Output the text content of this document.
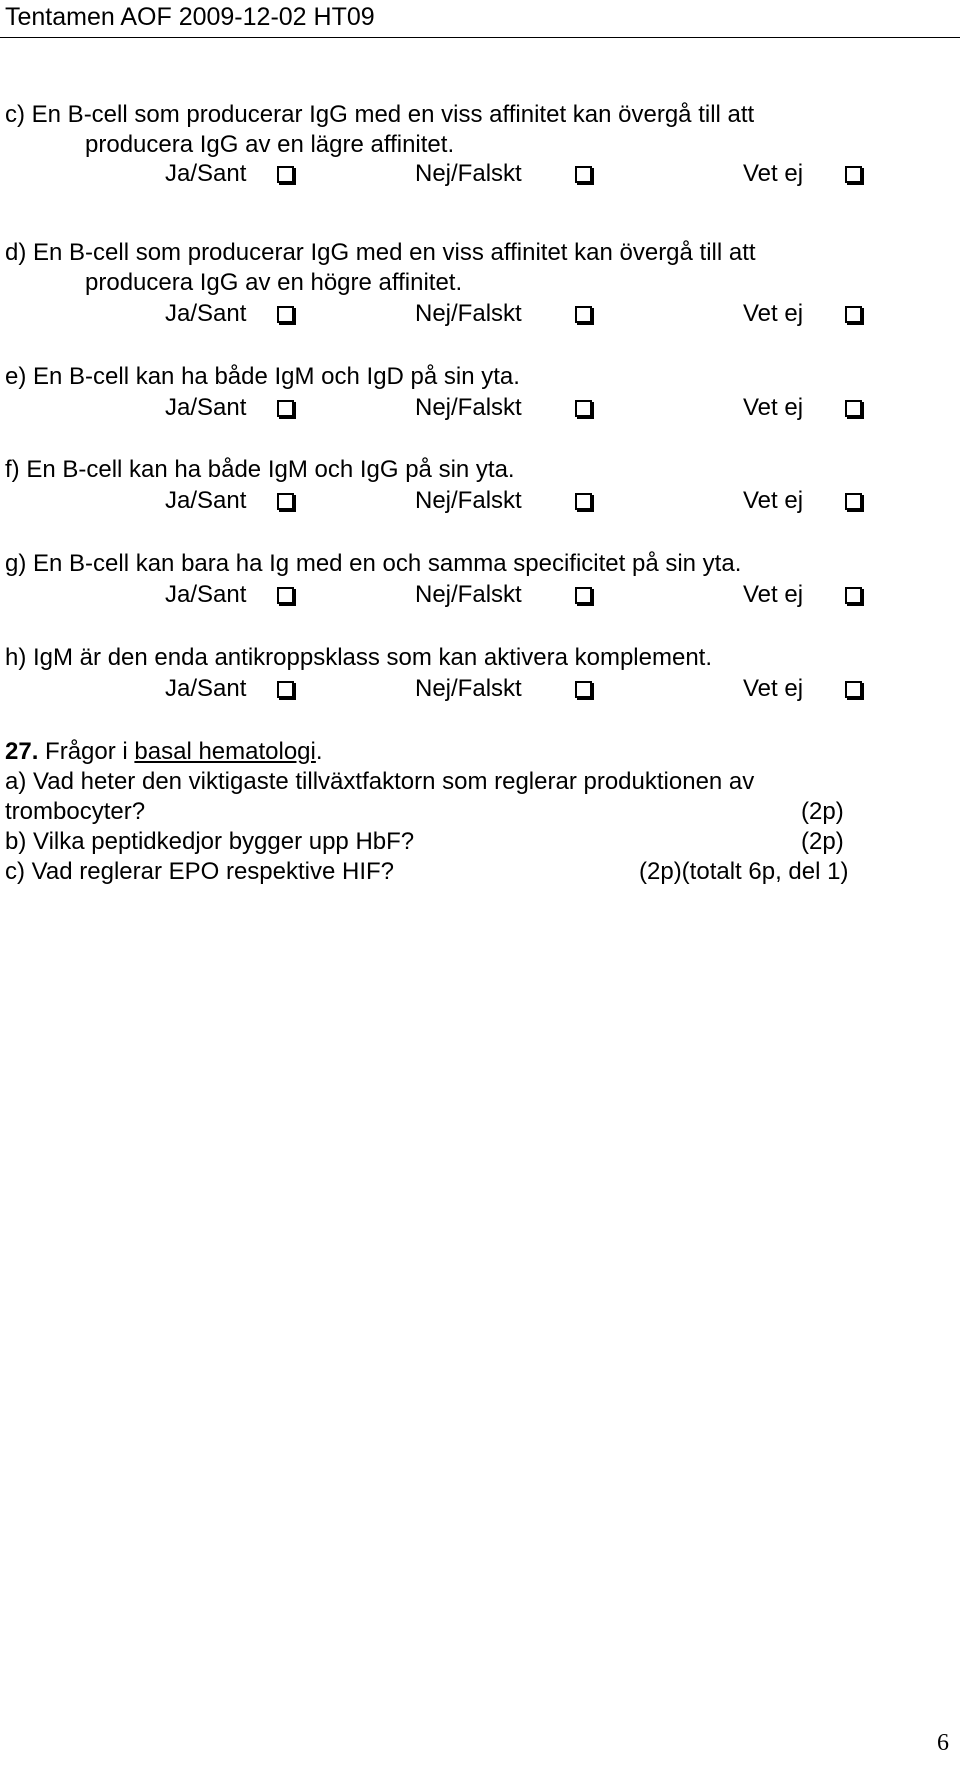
Tentamen AOF 2009-12-02 HT09
c) En B-cell som producerar IgG med en viss affinitet kan övergå till att
producera IgG av en lägre affinitet.
Ja/Sant	Nej/Falskt	Vet ej
d) En B-cell som producerar IgG med en viss affinitet kan övergå till att
producera IgG av en högre affinitet.
Ja/Sant	Nej/Falskt	Vet ej
e) En B-cell kan ha både IgM och IgD på sin yta.
Ja/Sant	Nej/Falskt	Vet ej
f) En B-cell kan ha både IgM och IgG på sin yta.
Ja/Sant	Nej/Falskt	Vet ej
g) En B-cell kan bara ha Ig med en och samma specificitet på sin yta.
Ja/Sant	Nej/Falskt	Vet ej
h) IgM är den enda antikroppsklass som kan aktivera komplement.
Ja/Sant	Nej/Falskt	Vet ej
27. Frågor i basal hematologi.
a) Vad heter den viktigaste tillväxtfaktorn som reglerar produktionen av
trombocyter?	(2p)
b) Vilka peptidkedjor bygger upp HbF?	(2p)
c) Vad reglerar EPO respektive HIF?	(2p)(totalt 6p, del 1)
6
